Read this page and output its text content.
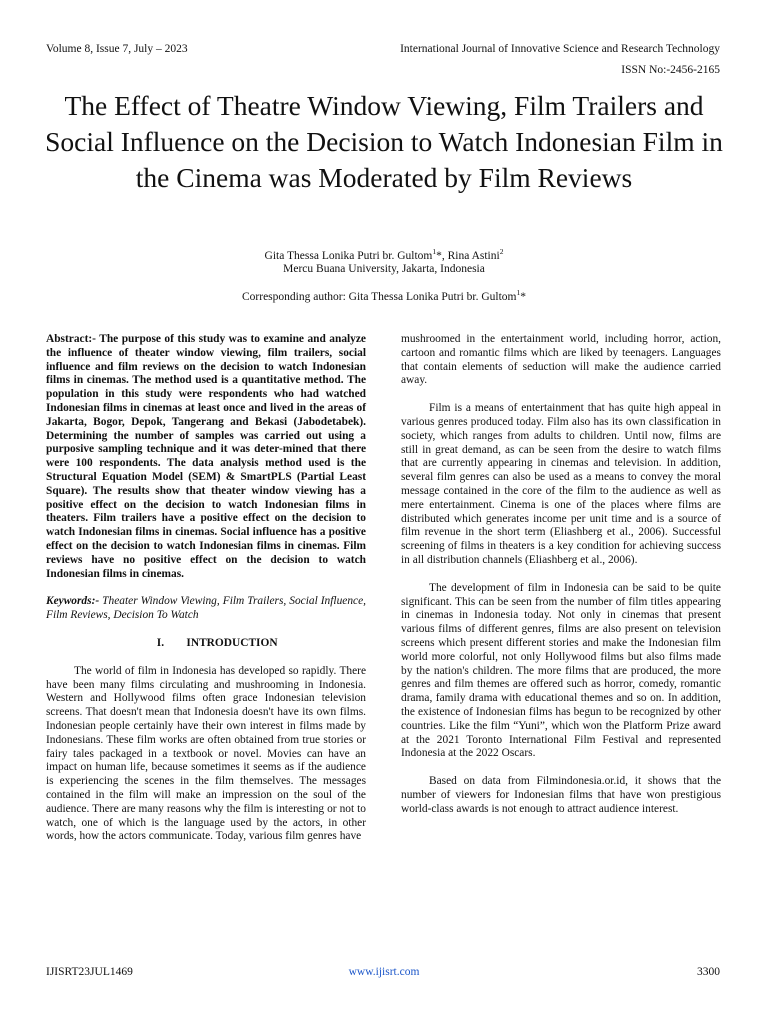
Volume 8, Issue 7, July – 2023	International Journal of Innovative Science and Research Technology
ISSN No:-2456-2165
The Effect of Theatre Window Viewing, Film Trailers and Social Influence on the Decision to Watch Indonesian Film in the Cinema was Moderated by Film Reviews
Gita Thessa Lonika Putri br. Gultom$^1$*, Rina Astini$^2$
Mercu Buana University, Jakarta, Indonesia
Corresponding author: Gita Thessa Lonika Putri br. Gultom$^1$*

Abstract:- The purpose of this study was to examine and analyze the influence of theater window viewing, film trailers, social influence and film reviews on the decision to watch Indonesian films in cinemas. The method used is a quantitative method. The population in this study were respondents who had watched Indonesian films in cinemas at least once and lived in the areas of Jakarta, Bogor, Depok, Tangerang and Bekasi (Jabodetabek). Determining the number of samples was carried out using a purposive sampling technique and it was deter-mined that there were 100 respondents. The data analysis method used is the Structural Equation Model (SEM) & SmartPLS (Partial Least Square). The results show that theater window viewing has a positive effect on the decision to watch Indonesian films in theaters. Film trailers have a positive effect on the decision to watch Indonesian films in cinemas. Social influence has a positive effect on the decision to watch Indonesian films in cinemas. Film reviews have no positive effect on the decision to watch Indonesian films in cinemas.

Keywords:- Theater Window Viewing, Film Trailers, Social Influence, Film Reviews, Decision To Watch

I. INTRODUCTION

The world of film in Indonesia has developed so rapidly. There have been many films circulating and mushrooming in Indonesia. Western and Hollywood films often grace Indonesian television screens. That doesn't mean that Indonesia doesn't have its own films. Indonesian people certainly have their own interest in films made by Indonesians. These film works are often obtained from true stories or fairy tales packaged in a textbook or novel. Movies can have an impact on human life, because sometimes it seems as if the audience is experiencing the scenes in the film themselves. The messages contained in the film will make an impression on the soul of the audience. There are many reasons why the film is interesting or not to watch, one of which is the language used by the actors, in other words, how the actors communicate. Today, various film genres have

mushroomed in the entertainment world, including horror, action, cartoon and romantic films which are liked by teenagers. Languages that contain elements of seduction will make the audience carried away.

Film is a means of entertainment that has quite high appeal in various genres produced today. Film also has its own classification in society, which ranges from adults to children. Until now, films are still in great demand, as can be seen from the desire to watch films that are currently appearing in cinemas and television. In addition, several film genres can also be used as a means to convey the moral message contained in the core of the film to the audience as well as mere entertainment. Cinema is one of the places where films are distributed which generates income per unit time and is a source of film revenue in the short term (Eliashberg et al., 2006). Successful screening of films in theaters is a key condition for achieving success in all distribution channels (Eliashberg et al., 2006).

The development of film in Indonesia can be said to be quite significant. This can be seen from the number of film titles appearing in cinemas in Indonesia today. Not only in cinemas that present various films of different genres, films are also present on television screens which present different stories and make the Indonesian film world more colorful, not only Hollywood films but also films made by the nation's children. The more films that are produced, the more genres and film themes are offered such as horror, comedy, romantic drama, family drama with educational themes and so on. In addition, the existence of Indonesian films has begun to be recognized by other countries. Like the film “Yuni”, which won the Platform Prize award at the 2021 Toronto International Film Festival and represented Indonesia at the 2022 Oscars.

Based on data from Filmindonesia.or.id, it shows that the number of viewers for Indonesian films that have won prestigious world-class awards is not enough to attract audience interest.

IJISRT23JUL1469	www.ijisrt.com	3300
